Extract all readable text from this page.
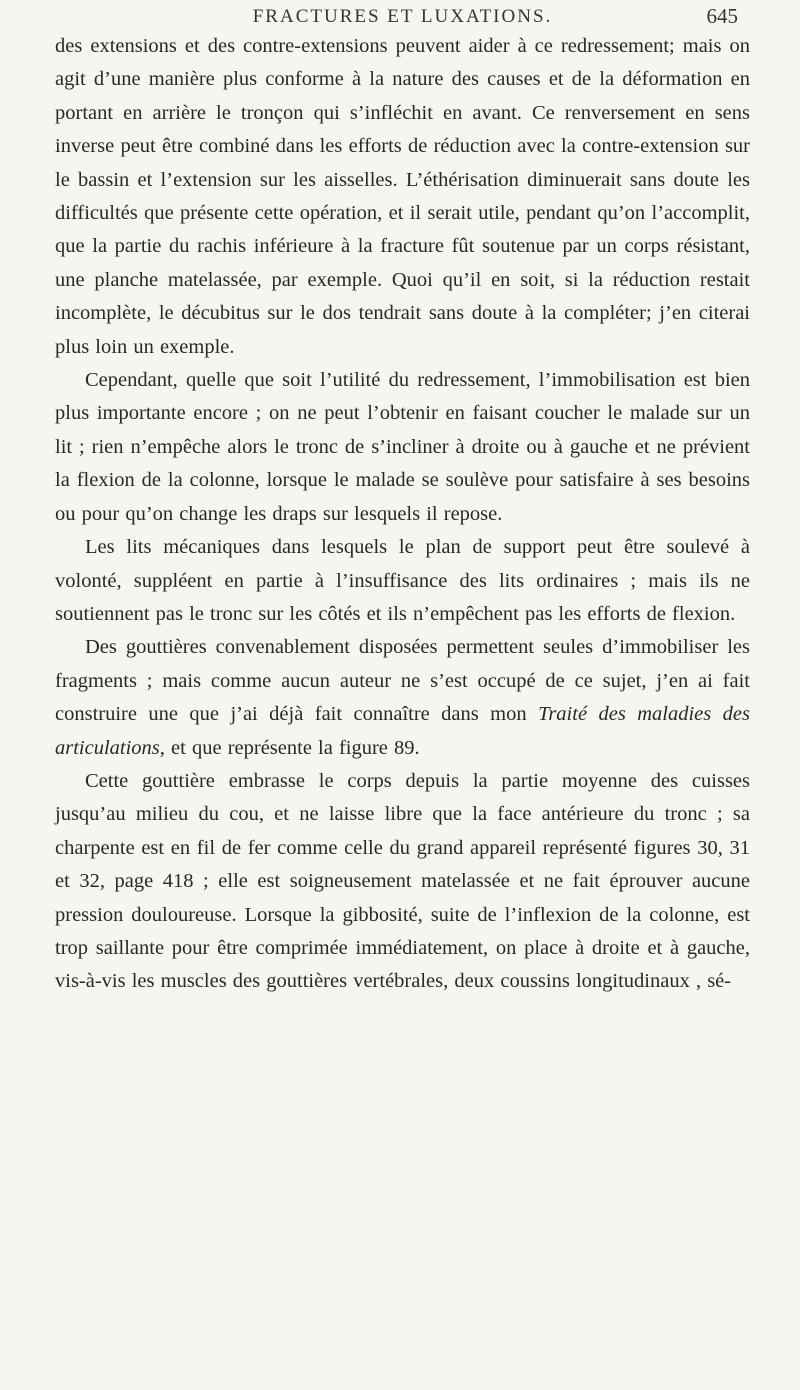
FRACTURES ET LUXATIONS.	645

des extensions et des contre-extensions peuvent aider à ce redressement; mais on agit d’une manière plus conforme à la nature des causes et de la déformation en portant en arrière le tronçon qui s’infléchit en avant. Ce renversement en sens inverse peut être combiné dans les efforts de réduction avec la contre-extension sur le bassin et l’extension sur les aisselles. L’éthérisation diminuerait sans doute les difficultés que présente cette opération, et il serait utile, pendant qu’on l’accomplit, que la partie du rachis inférieure à la fracture fût soutenue par un corps résistant, une planche matelassée, par exemple. Quoi qu’il en soit, si la réduction restait incomplète, le décubitus sur le dos tendrait sans doute à la compléter; j’en citerai plus loin un exemple.

Cependant, quelle que soit l’utilité du redressement, l’immobilisation est bien plus importante encore ; on ne peut l’obtenir en faisant coucher le malade sur un lit ; rien n’empêche alors le tronc de s’incliner à droite ou à gauche et ne prévient la flexion de la colonne, lorsque le malade se soulève pour satisfaire à ses besoins ou pour qu’on change les draps sur lesquels il repose.

Les lits mécaniques dans lesquels le plan de support peut être soulevé à volonté, suppléent en partie à l’insuffisance des lits ordinaires ; mais ils ne soutiennent pas le tronc sur les côtés et ils n’empêchent pas les efforts de flexion.

Des gouttières convenablement disposées permettent seules d’immobiliser les fragments ; mais comme aucun auteur ne s’est occupé de ce sujet, j’en ai fait construire une que j’ai déjà fait connaître dans mon Traité des maladies des articulations, et que représente la figure 89.

Cette gouttière embrasse le corps depuis la partie moyenne des cuisses jusqu’au milieu du cou, et ne laisse libre que la face antérieure du tronc ; sa charpente est en fil de fer comme celle du grand appareil représenté figures 30, 31 et 32, page 418 ; elle est soigneusement matelassée et ne fait éprouver aucune pression douloureuse. Lorsque la gibbosité, suite de l’inflexion de la colonne, est trop saillante pour être comprimée immédiatement, on place à droite et à gauche, vis-à-vis les muscles des gouttières vertébrales, deux coussins longitudinaux , sé-
